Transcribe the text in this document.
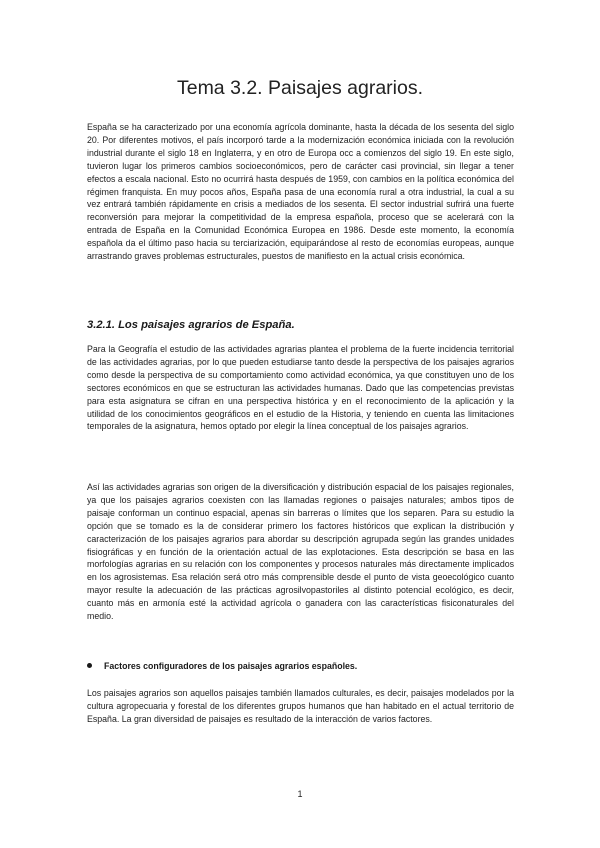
Tema 3.2. Paisajes agrarios.

España se ha caracterizado por una economía agrícola dominante, hasta la década de los sesenta del siglo 20. Por diferentes motivos, el país incorporó tarde a la modernización económica iniciada con la revolución industrial durante el siglo 18 en Inglaterra, y en otro de Europa occ a comienzos del siglo 19. En este siglo, tuvieron lugar los primeros cambios socioeconómicos, pero de carácter casi provincial, sin llegar a tener efectos a escala nacional. Esto no ocurrirá hasta después de 1959, con cambios en la política económica del régimen franquista. En muy pocos años, España pasa de una economía rural a otra industrial, la cual a su vez entrará también rápidamente en crisis a mediados de los sesenta. El sector industrial sufrirá una fuerte reconversión para mejorar la competitividad de la empresa española, proceso que se acelerará con la entrada de España en la Comunidad Económica Europea en 1986. Desde este momento, la economía española da el último paso hacia su terciarización, equiparándose al resto de economías europeas, aunque arrastrando graves problemas estructurales, puestos de manifiesto en la actual crisis económica.

3.2.1. Los paisajes agrarios de España.

Para la Geografía el estudio de las actividades agrarias plantea el problema de la fuerte incidencia territorial de las actividades agrarias, por lo que pueden estudiarse tanto desde la perspectiva de los paisajes agrarios como desde la perspectiva de su comportamiento como actividad económica, ya que constituyen uno de los sectores económicos en que se estructuran las actividades humanas. Dado que las competencias previstas para esta asignatura se cifran en una perspectiva histórica y en el reconocimiento de la aplicación y la utilidad de los conocimientos geográficos en el estudio de la Historia, y teniendo en cuenta las limitaciones temporales de la asignatura, hemos optado por elegir la línea conceptual de los paisajes agrarios.

Así las actividades agrarias son origen de la diversificación y distribución espacial de los paisajes regionales, ya que los paisajes agrarios coexisten con las llamadas regiones o paisajes naturales; ambos tipos de paisaje conforman un continuo espacial, apenas sin barreras o límites que los separen. Para su estudio la opción que se tomado es la de considerar primero los factores históricos que explican la distribución y caracterización de los paisajes agrarios para abordar su descripción agrupada según las grandes unidades fisiográficas y en función de la orientación actual de las explotaciones. Esta descripción se basa en las morfologías agrarias en su relación con los componentes y procesos naturales más directamente implicados en los agrosistemas. Esa relación será otro más comprensible desde el punto de vista geoecológico cuanto mayor resulte la adecuación de las prácticas agrosilvopastoriles al distinto potencial ecológico, es decir, cuanto más en armonía esté la actividad agrícola o ganadera con las características fisiconaturales del medio.

Factores configuradores de los paisajes agrarios españoles.

Los paisajes agrarios son aquellos paisajes también llamados culturales, es decir, paisajes modelados por la cultura agropecuaria y forestal de los diferentes grupos humanos que han habitado en el actual territorio de España. La gran diversidad de paisajes es resultado de la interacción de varios factores.

1
